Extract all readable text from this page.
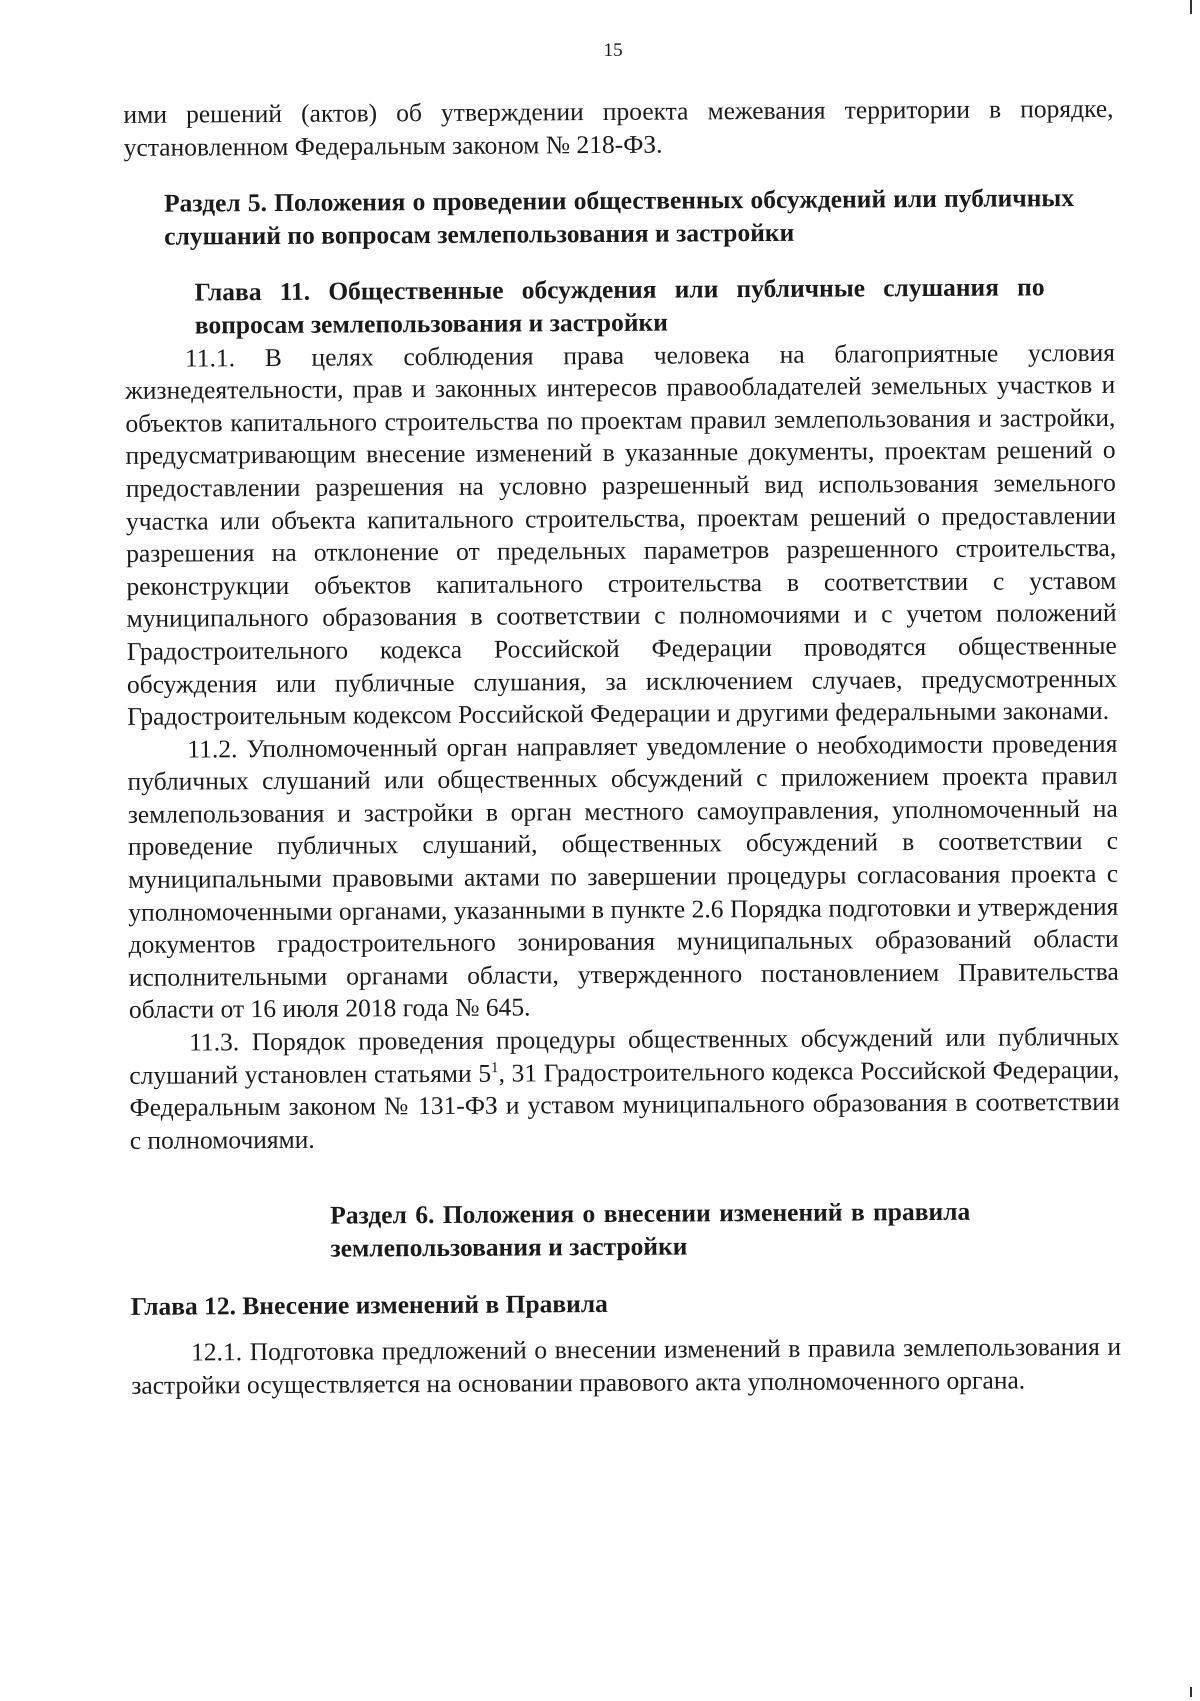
15

ими решений (актов) об утверждении проекта межевания территории в порядке, установленном Федеральным законом № 218-ФЗ.

Раздел 5. Положения о проведении общественных обсуждений или публичных слушаний по вопросам землепользования и застройки

Глава 11. Общественные обсуждения или публичные слушания по вопросам землепользования и застройки

11.1. В целях соблюдения права человека на благоприятные условия жизнедеятельности, прав и законных интересов правообладателей земельных участков и объектов капитального строительства по проектам правил землепользования и застройки, предусматривающим внесение изменений в указанные документы, проектам решений о предоставлении разрешения на условно разрешенный вид использования земельного участка или объекта капитального строительства, проектам решений о предоставлении разрешения на отклонение от предельных параметров разрешенного строительства, реконструкции объектов капитального строительства в соответствии с уставом муниципального образования в соответствии с полномочиями и с учетом положений Градостроительного кодекса Российской Федерации проводятся общественные обсуждения или публичные слушания, за исключением случаев, предусмотренных Градостроительным кодексом Российской Федерации и другими федеральными законами.

11.2. Уполномоченный орган направляет уведомление о необходимости проведения публичных слушаний или общественных обсуждений с приложением проекта правил землепользования и застройки в орган местного самоуправления, уполномоченный на проведение публичных слушаний, общественных обсуждений в соответствии с муниципальными правовыми актами по завершении процедуры согласования проекта с уполномоченными органами, указанными в пункте 2.6 Порядка подготовки и утверждения документов градостроительного зонирования муниципальных образований области исполнительными органами области, утвержденного постановлением Правительства области от 16 июля 2018 года № 645.

11.3. Порядок проведения процедуры общественных обсуждений или публичных слушаний установлен статьями $5^1$, 31 Градостроительного кодекса Российской Федерации, Федеральным законом № 131-ФЗ и уставом муниципального образования в соответствии с полномочиями.

Раздел 6. Положения о внесении изменений в правила землепользования и застройки

Глава 12. Внесение изменений в Правила

12.1. Подготовка предложений о внесении изменений в правила землепользования и застройки осуществляется на основании правового акта уполномоченного органа.
